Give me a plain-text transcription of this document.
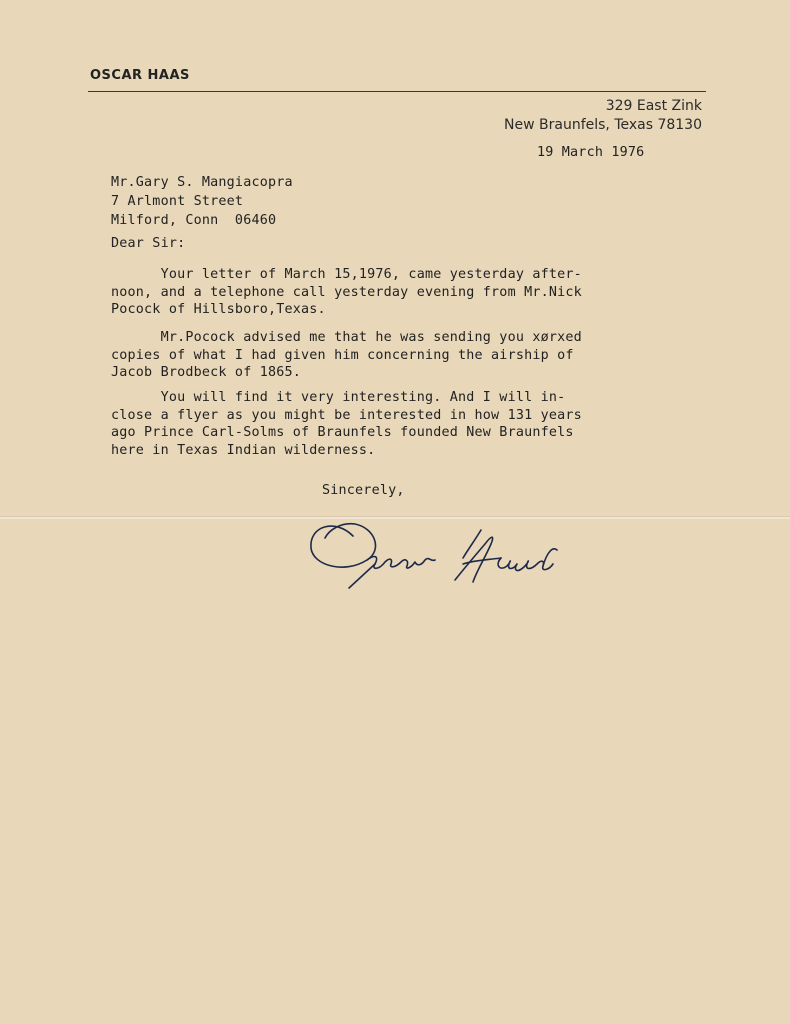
OSCAR HAAS
329 East Zink
New Braunfels, Texas 78130
19 March 1976
Mr.Gary S. Mangiacopra
7 Arlmont Street
Milford, Conn  06460
Dear Sir:
Your letter of March 15,1976, came yesterday after-
noon, and a telephone call yesterday evening from Mr.Nick
Pocock of Hillsboro,Texas.
Mr.Pocock advised me that he was sending you xørxed
copies of what I had given him concerning the airship of
Jacob Brodbeck of 1865.
You will find it very interesting. And I will in-
close a flyer as you might be interested in how 131 years
ago Prince Carl-Solms of Braunfels founded New Braunfels
here in Texas Indian wilderness.
Sincerely,
